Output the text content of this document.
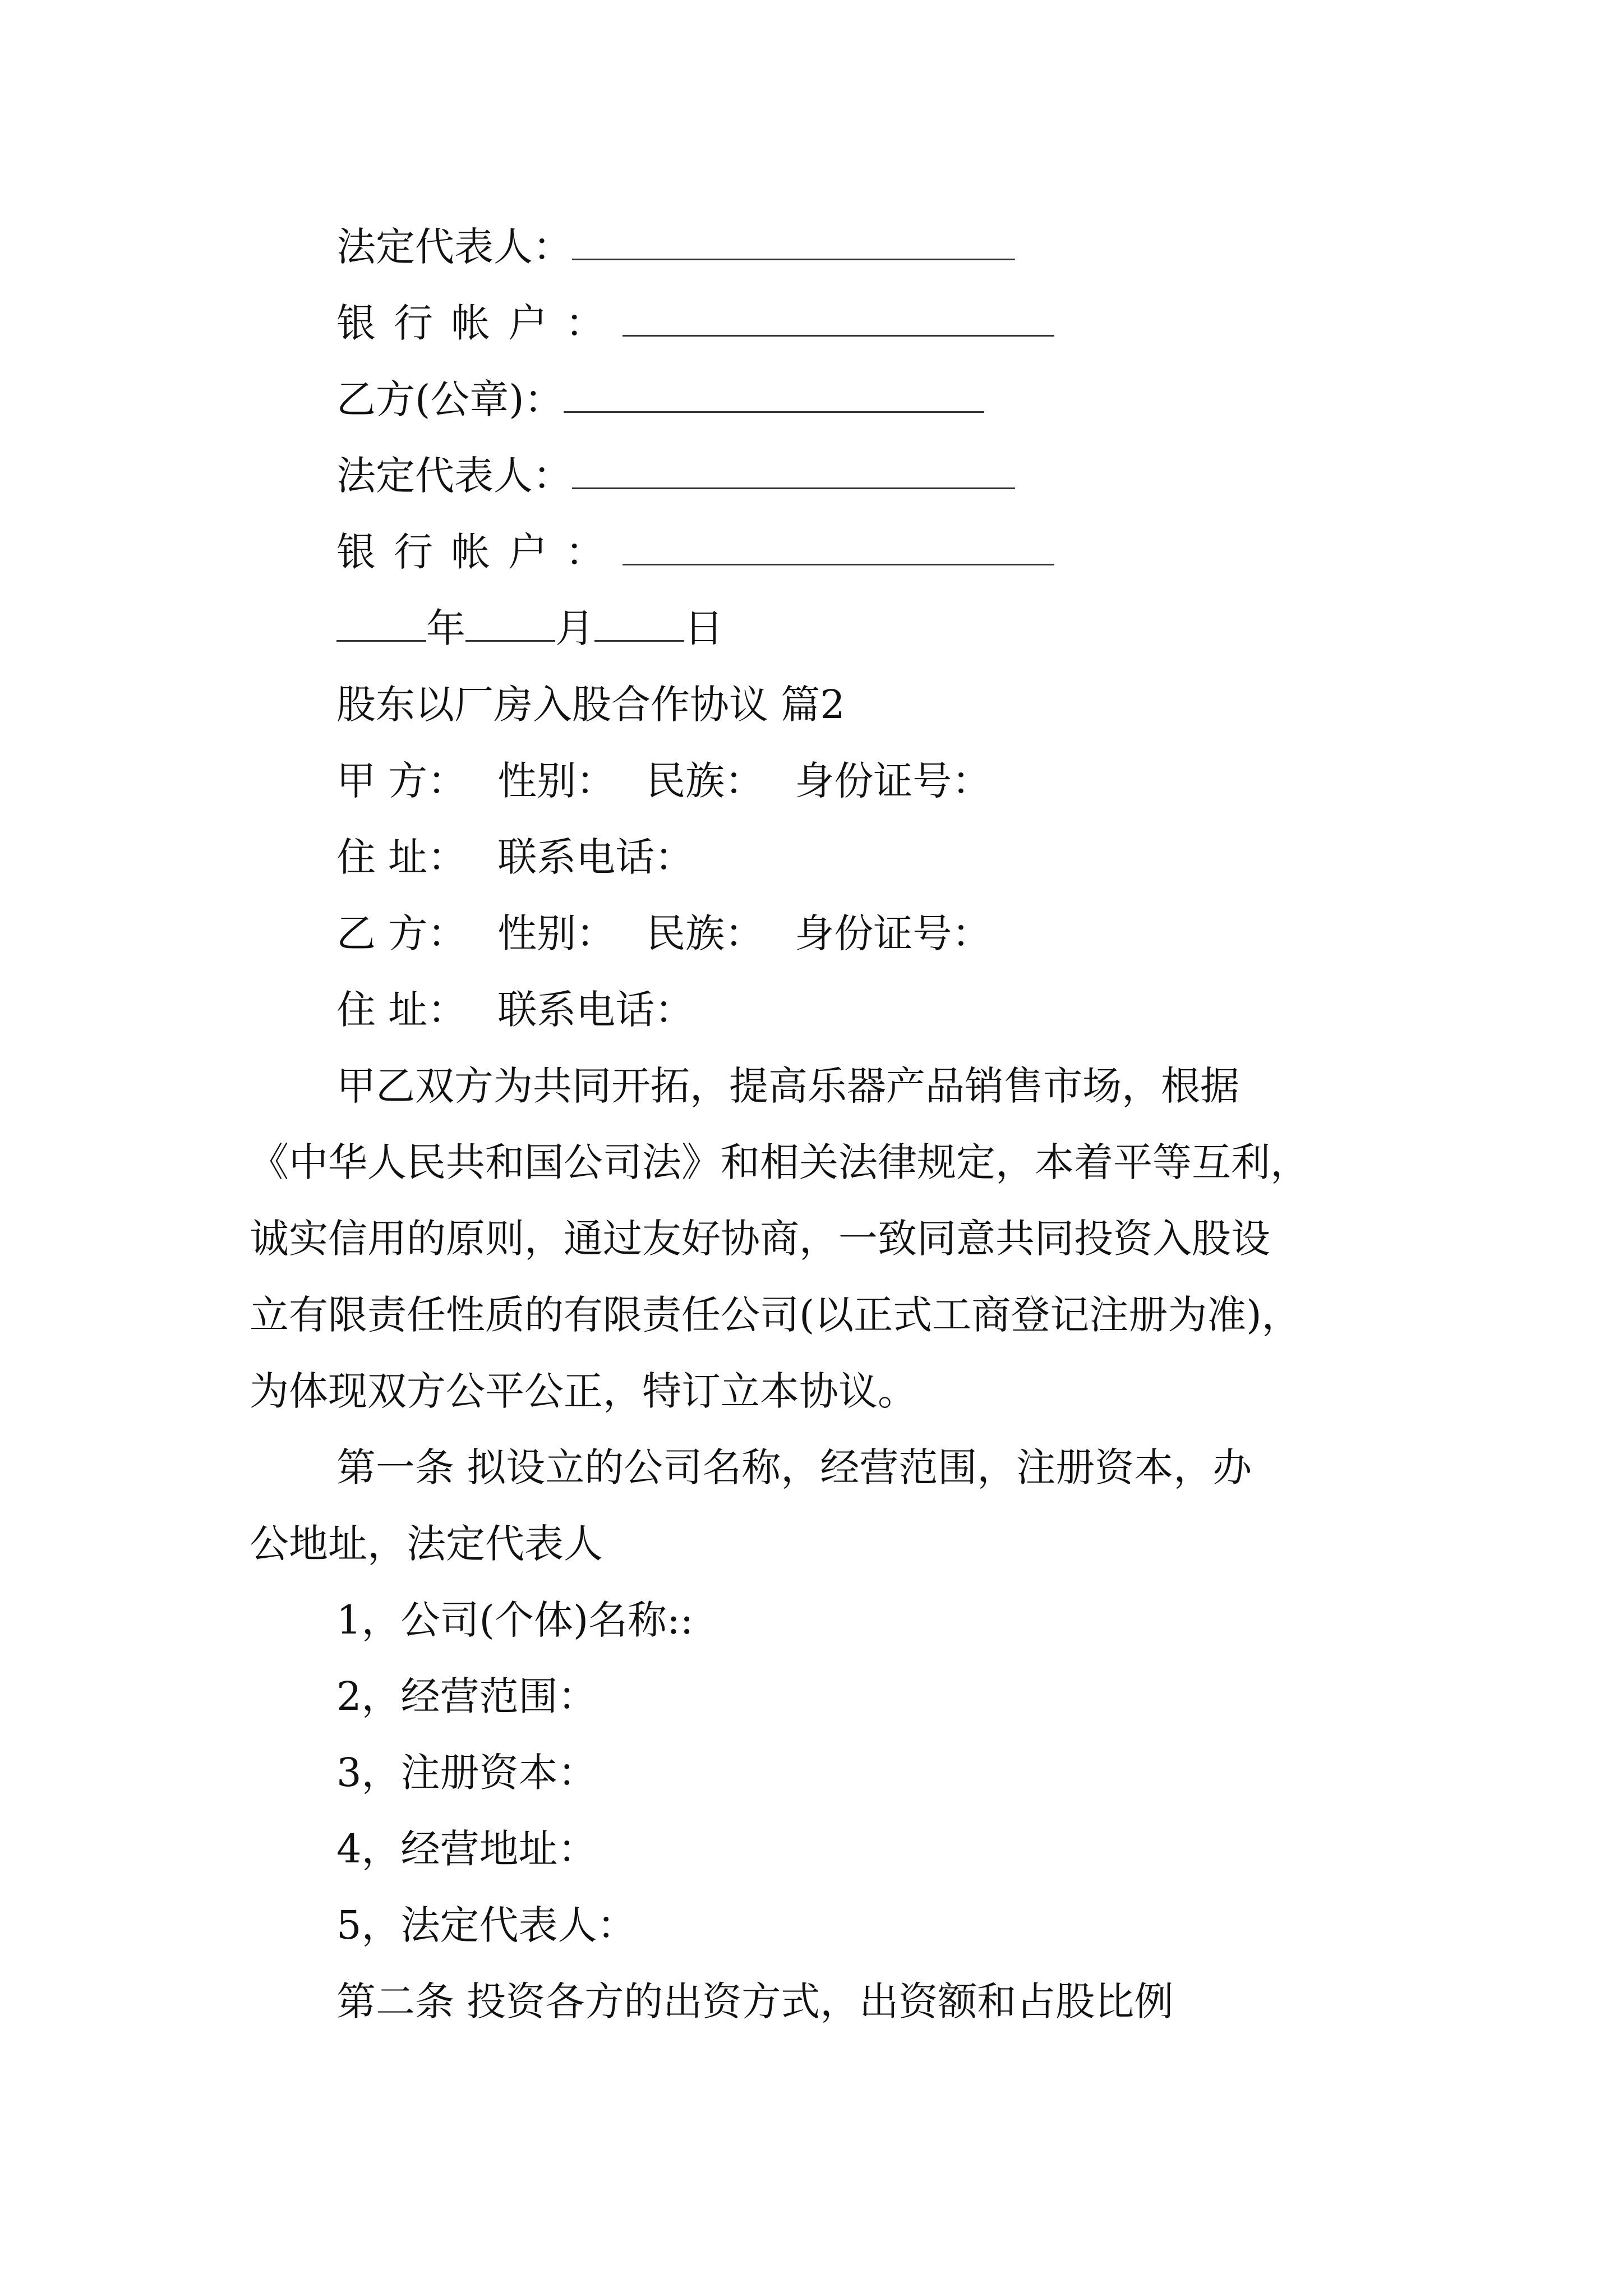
法定代表人：
银行帐户：
乙方(公章)：
法定代表人：
银行帐户：
年 月 日
股东以厂房入股合作协议 篇2
甲 方： 性别： 民族： 身份证号：
住 址： 联系电话：
乙 方： 性别： 民族： 身份证号：
住 址： 联系电话：
甲乙双方为共同开拓，提高乐器产品销售市场，根据
《中华人民共和国公司法》和相关法律规定，本着平等互利，
诚实信用的原则，通过友好协商，一致同意共同投资入股设
立有限责任性质的有限责任公司(以正式工商登记注册为准)，
为体现双方公平公正，特订立本协议。
第一条 拟设立的公司名称，经营范围，注册资本，办
公地址，法定代表人
1，公司(个体)名称::
2，经营范围：
3，注册资本：
4，经营地址：
5，法定代表人：
第二条 投资各方的出资方式，出资额和占股比例
